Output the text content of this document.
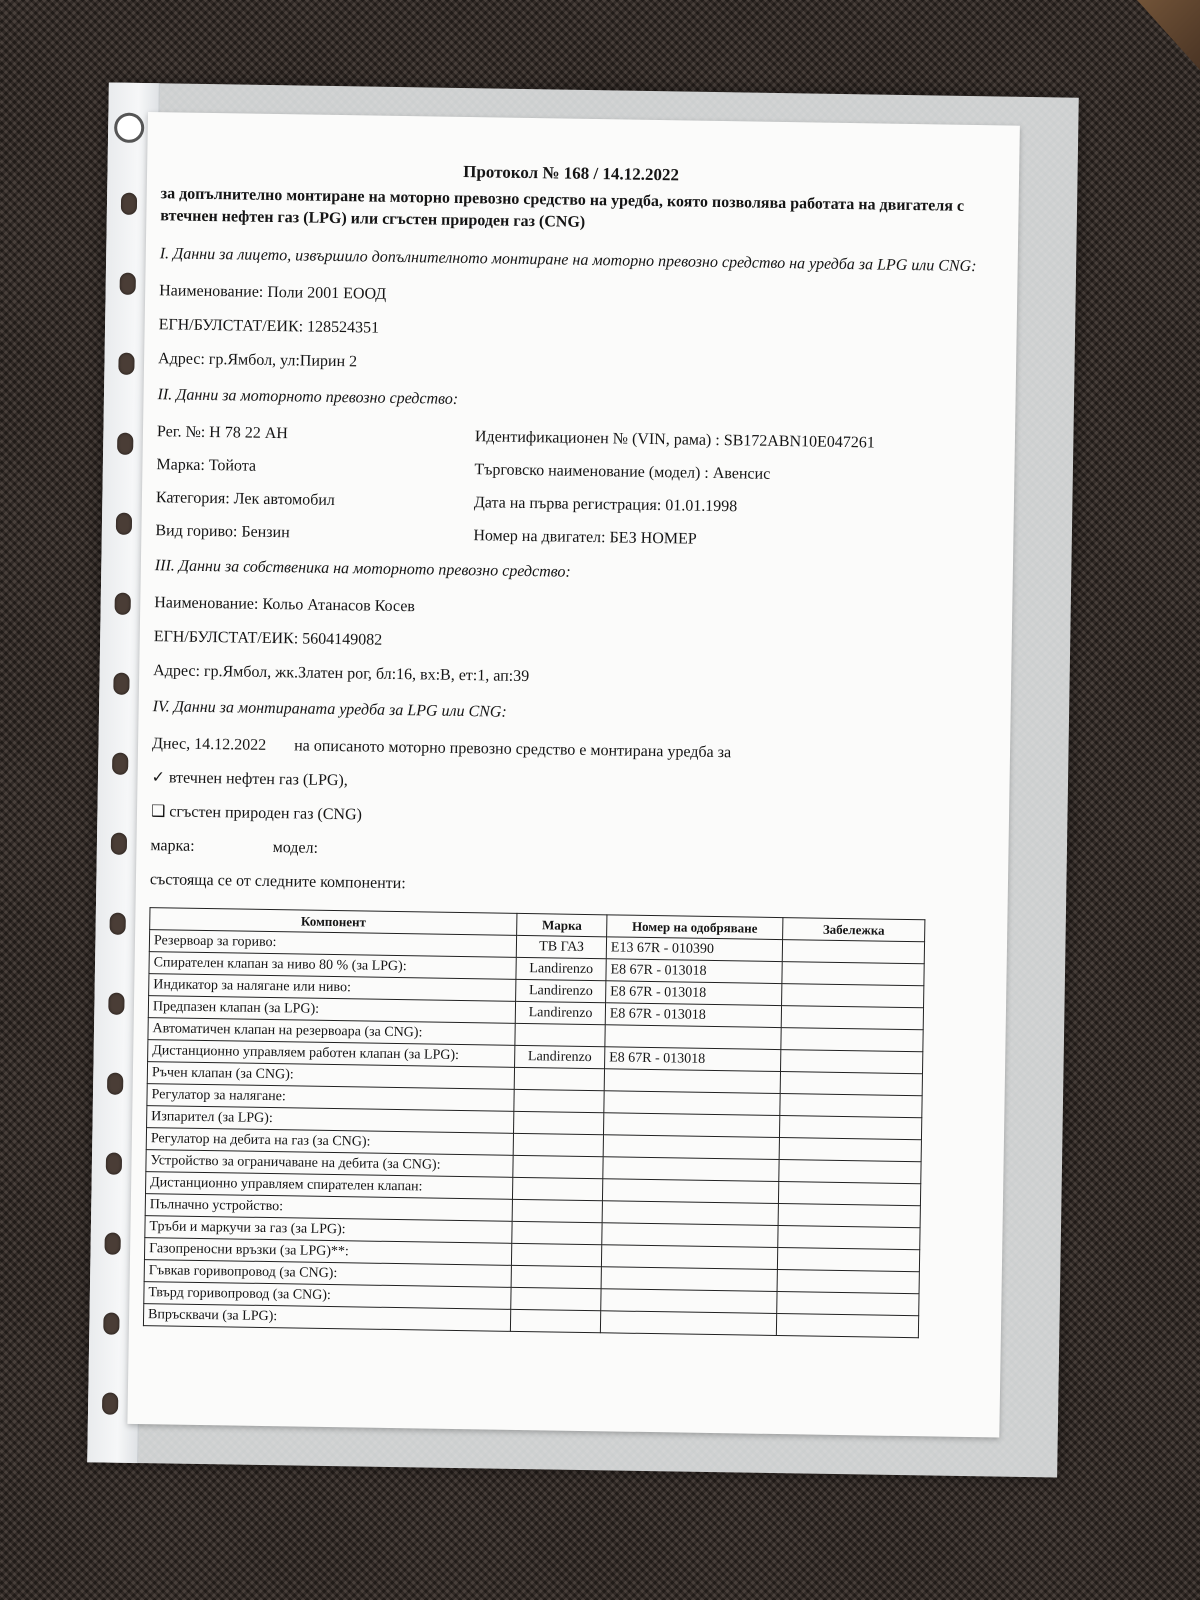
Протокол № 168 / 14.12.2022
за допълнително монтиране на моторно превозно средство на уредба, която позволява работата на двигателя с втечнен нефтен газ (LPG) или сгъстен природен газ (CNG)
I. Данни за лицето, извършило допълнителното монтиране на моторно превозно средство на уредба за LPG или CNG:
Наименование: Поли 2001 ЕООД
ЕГН/БУЛСТАТ/ЕИК: 128524351
Адрес: гр.Ямбол, ул:Пирин 2
II. Данни за моторното превозно средство:
Рег. №: Н 78 22 АН	Идентификационен № (VIN, рама) : SB172ABN10E047261
Марка: Тойота	Търговско наименование (модел) : Авенсис
Категория: Лек автомобил	Дата на първа регистрация: 01.01.1998
Вид гориво: Бензин	Номер на двигател: БЕЗ НОМЕР
III. Данни за собственика на моторното превозно средство:
Наименование: Кольо Атанасов Косев
ЕГН/БУЛСТАТ/ЕИК: 5604149082
Адрес: гр.Ямбол, жк.Златен рог, бл:16, вх:В, ет:1, ап:39
IV. Данни за монтираната уредба за LPG или CNG:
Днес, 14.12.2022 на описаното моторно превозно средство е монтирана уредба за
✓ втечнен нефтен газ (LPG),
❑ сгъстен природен газ (CNG)
марка:	модел:
състояща се от следните компоненти:
Компонент	Марка	Номер на одобряване	Забележка
Резервоар за гориво:	ТВ ГАЗ	Е13 67R - 010390	
Спирателен клапан за ниво 80 % (за LPG):	Landirenzo	Е8 67R - 013018	
Индикатор за налягане или ниво:	Landirenzo	Е8 67R - 013018	
Предпазен клапан (за LPG):	Landirenzo	Е8 67R - 013018	
Автоматичен клапан на резервоара (за CNG):			
Дистанционно управляем работен клапан (за LPG):	Landirenzo	Е8 67R - 013018	
Ръчен клапан (за CNG):			
Регулатор за налягане:			
Изпарител (за LPG):			
Регулатор на дебита на газ (за CNG):			
Устройство за ограничаване на дебита (за CNG):			
Дистанционно управляем спирателен клапан:			
Пълначно устройство:			
Тръби и маркучи за газ (за LPG):			
Газопреносни връзки (за LPG)**:			
Гъвкав горивопровод (за CNG):			
Твърд горивопровод (за CNG):			
Впръсквачи (за LPG):			
